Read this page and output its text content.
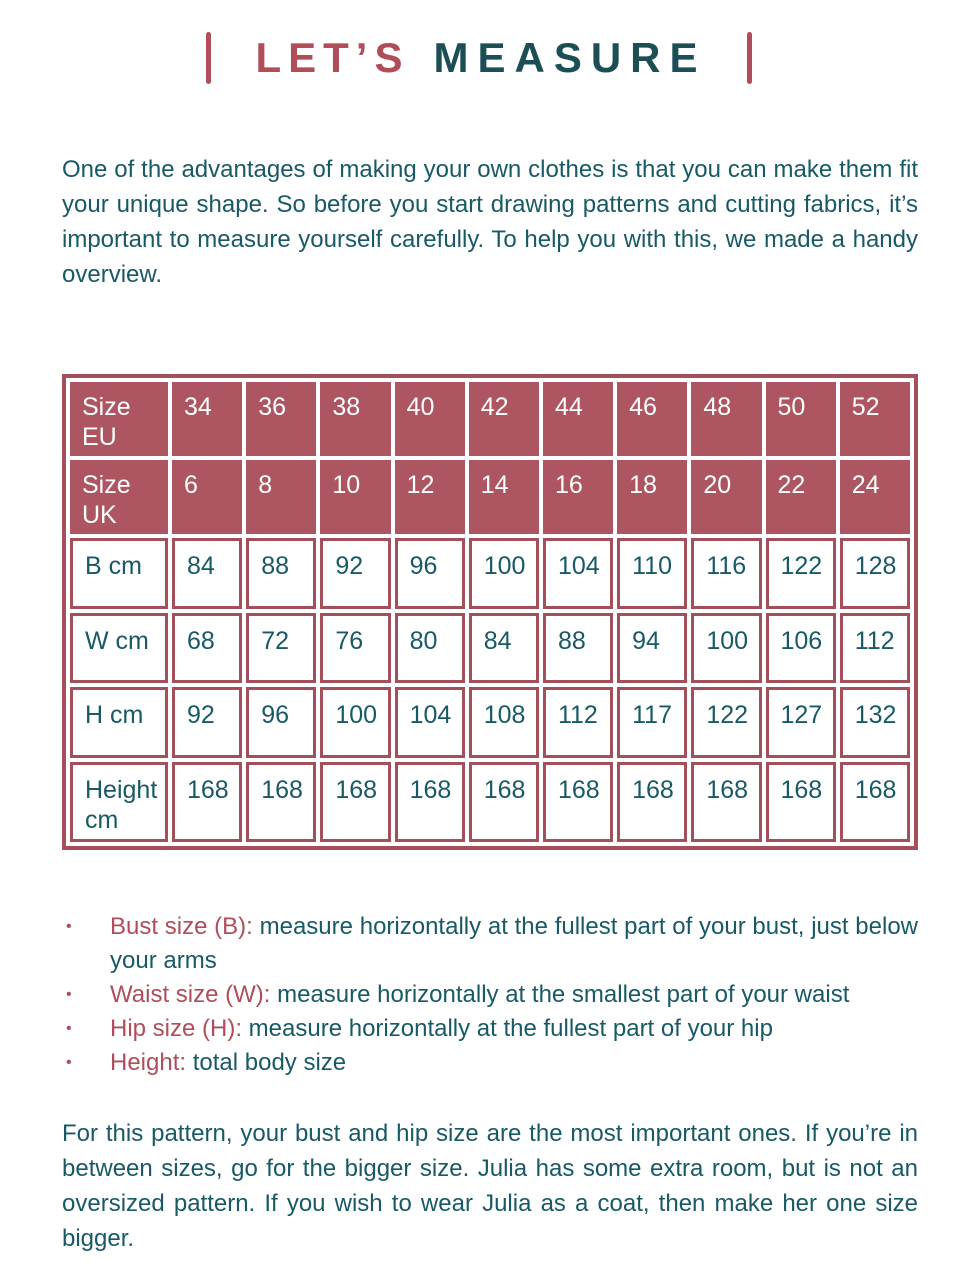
LET’S MEASURE

One of the advantages of making your own clothes is that you can make them fit your unique shape. So before you start drawing patterns and cutting fabrics, it’s important to measure yourself carefully. To help you with this, we made a handy overview.

Size EU	34	36	38	40	42	44	46	48	50	52
Size UK	6	8	10	12	14	16	18	20	22	24
B cm	84	88	92	96	100	104	110	116	122	128
W cm	68	72	76	80	84	88	94	100	106	112
H cm	92	96	100	104	108	112	117	122	127	132
Height cm	168	168	168	168	168	168	168	168	168	168
• Bust size (B): measure horizontally at the fullest part of your bust, just below your arms
• Waist size (W): measure horizontally at the smallest part of your waist
• Hip size (H): measure horizontally at the fullest part of your hip
• Height: total body size

For this pattern, your bust and hip size are the most important ones. If you’re in between sizes, go for the bigger size. Julia has some extra room, but is not an oversized pattern. If you wish to wear Julia as a coat, then make her one size bigger.
